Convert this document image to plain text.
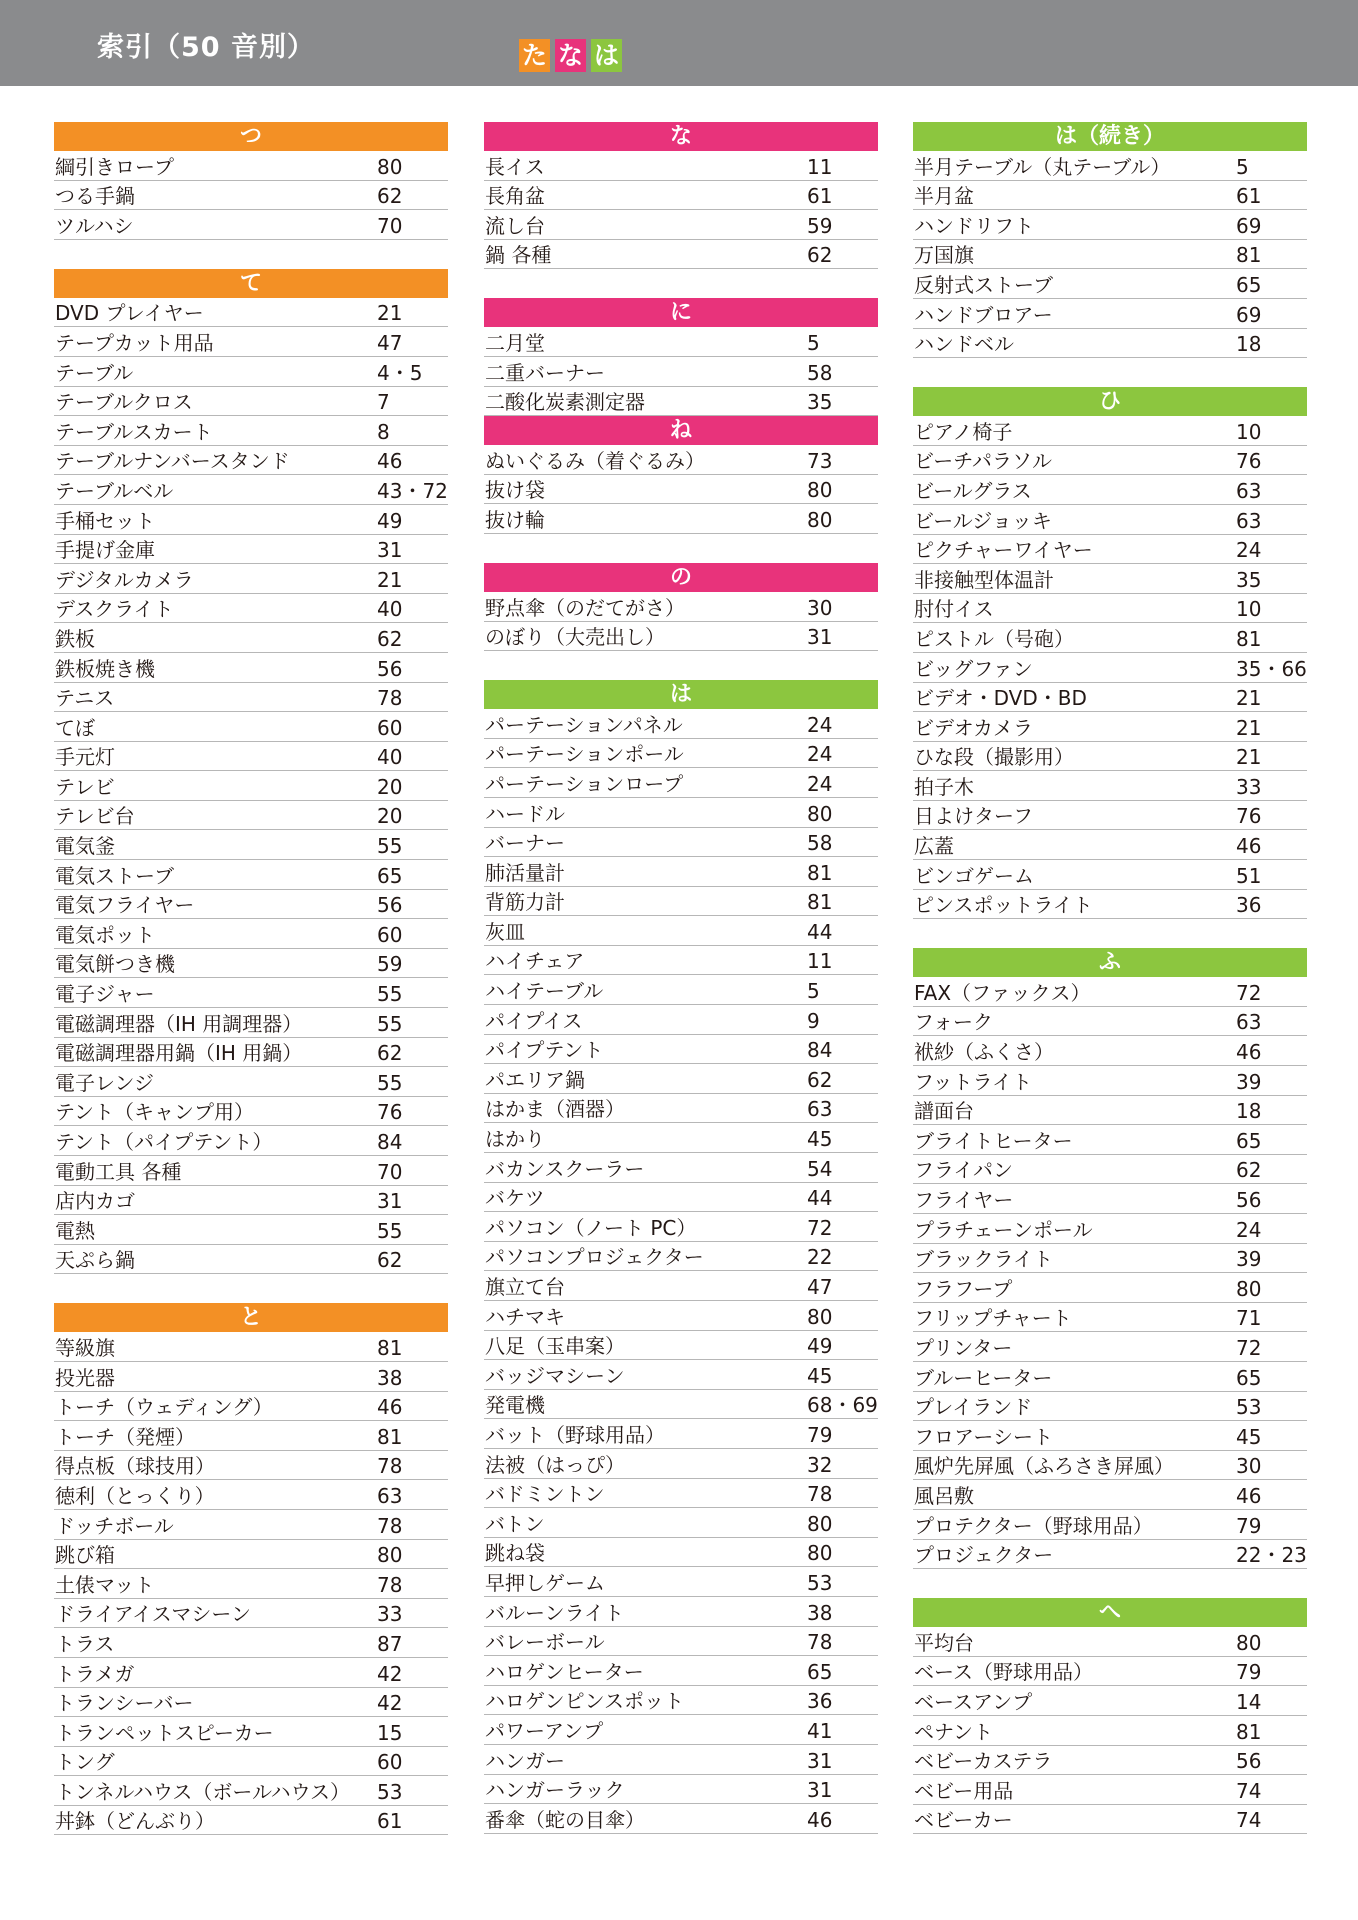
索引（50 音別）	た な は
つ
綱引きロープ	80
つる手鍋	62
ツルハシ	70
て
DVD プレイヤー	21
テープカット用品	47
テーブル	4・5
テーブルクロス	7
テーブルスカート	8
テーブルナンバースタンド	46
テーブルベル	43・72
手桶セット	49
手提げ金庫	31
デジタルカメラ	21
デスクライト	40
鉄板	62
鉄板焼き機	56
テニス	78
てぼ	60
手元灯	40
テレビ	20
テレビ台	20
電気釜	55
電気ストーブ	65
電気フライヤー	56
電気ポット	60
電気餅つき機	59
電子ジャー	55
電磁調理器（IH 用調理器）	55
電磁調理器用鍋（IH 用鍋）	62
電子レンジ	55
テント（キャンプ用）	76
テント（パイプテント）	84
電動工具 各種	70
店内カゴ	31
電熱	55
天ぷら鍋	62
と
等級旗	81
投光器	38
トーチ（ウェディング）	46
トーチ（発煙）	81
得点板（球技用）	78
徳利（とっくり）	63
ドッチボール	78
跳び箱	80
土俵マット	78
ドライアイスマシーン	33
トラス	87
トラメガ	42
トランシーバー	42
トランペットスピーカー	15
トング	60
トンネルハウス（ボールハウス）	53
丼鉢（どんぶり）	61
な
長イス	11
長角盆	61
流し台	59
鍋 各種	62
に
二月堂	5
二重バーナー	58
二酸化炭素測定器	35
ね
ぬいぐるみ（着ぐるみ）	73
抜け袋	80
抜け輪	80
の
野点傘（のだてがさ）	30
のぼり（大売出し）	31
は
パーテーションパネル	24
パーテーションポール	24
パーテーションロープ	24
ハードル	80
バーナー	58
肺活量計	81
背筋力計	81
灰皿	44
ハイチェア	11
ハイテーブル	5
パイプイス	9
パイプテント	84
パエリア鍋	62
はかま（酒器）	63
はかり	45
バカンスクーラー	54
バケツ	44
パソコン（ノート PC）	72
パソコンプロジェクター	22
旗立て台	47
ハチマキ	80
八足（玉串案）	49
バッジマシーン	45
発電機	68・69
バット（野球用品）	79
法被（はっぴ）	32
バドミントン	78
バトン	80
跳ね袋	80
早押しゲーム	53
バルーンライト	38
バレーボール	78
ハロゲンヒーター	65
ハロゲンピンスポット	36
パワーアンプ	41
ハンガー	31
ハンガーラック	31
番傘（蛇の目傘）	46
は（続き）
半月テーブル（丸テーブル）	5
半月盆	61
ハンドリフト	69
万国旗	81
反射式ストーブ	65
ハンドブロアー	69
ハンドベル	18
ひ
ピアノ椅子	10
ビーチパラソル	76
ビールグラス	63
ビールジョッキ	63
ピクチャーワイヤー	24
非接触型体温計	35
肘付イス	10
ピストル（号砲）	81
ビッグファン	35・66
ビデオ・DVD・BD	21
ビデオカメラ	21
ひな段（撮影用）	21
拍子木	33
日よけターフ	76
広蓋	46
ビンゴゲーム	51
ピンスポットライト	36
ふ
FAX（ファックス）	72
フォーク	63
袱紗（ふくさ）	46
フットライト	39
譜面台	18
ブライトヒーター	65
フライパン	62
フライヤー	56
プラチェーンポール	24
ブラックライト	39
フラフープ	80
フリップチャート	71
プリンター	72
ブルーヒーター	65
プレイランド	53
フロアーシート	45
風炉先屏風（ふろさき屏風）	30
風呂敷	46
プロテクター（野球用品）	79
プロジェクター	22・23
へ
平均台	80
ベース（野球用品）	79
ベースアンプ	14
ペナント	81
ベビーカステラ	56
ベビー用品	74
ベビーカー	74
